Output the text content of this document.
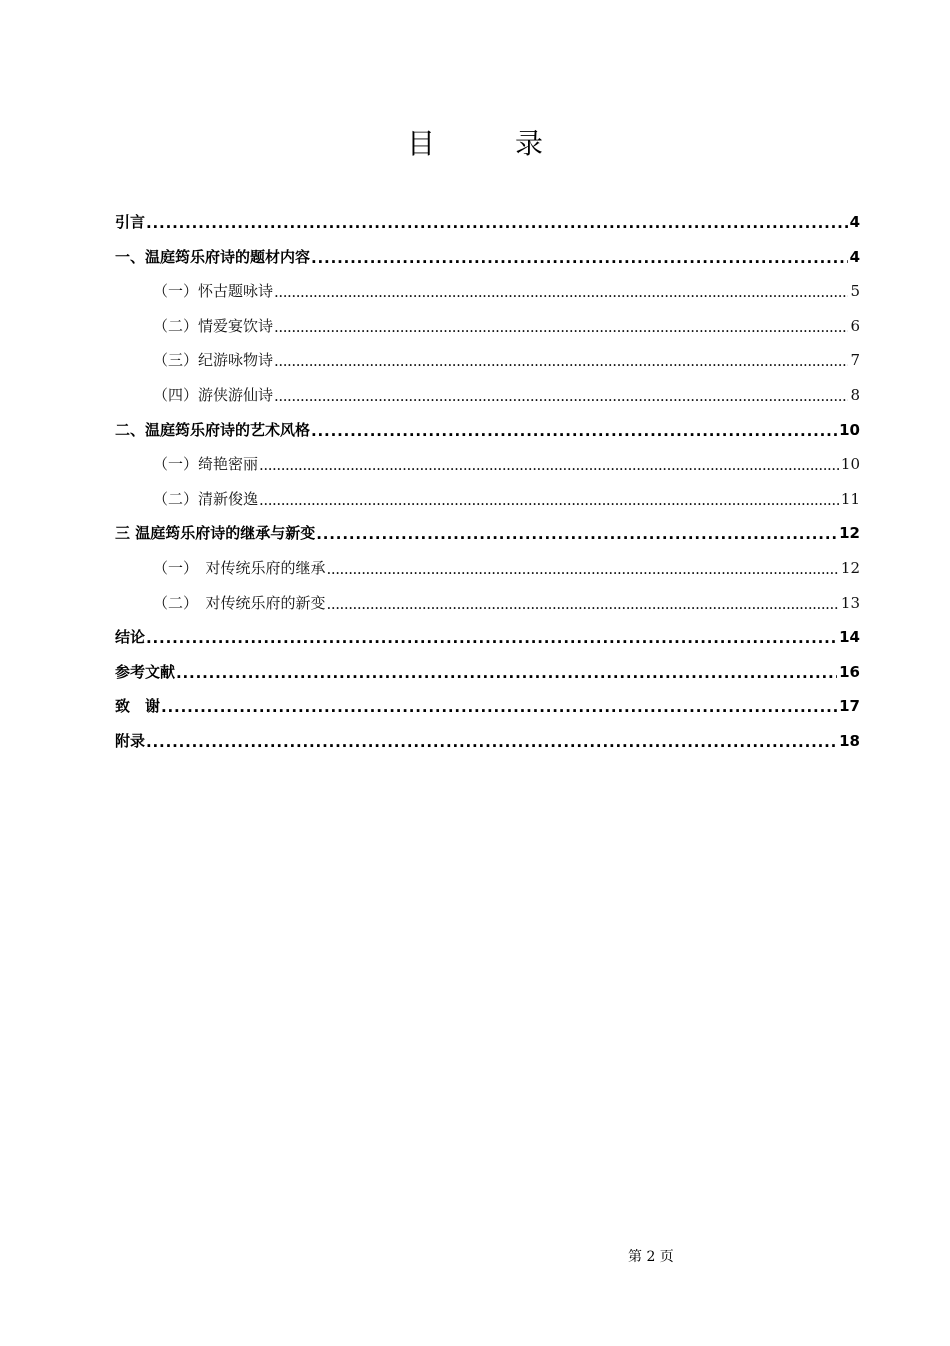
目　录
引言 . . .	4
一、温庭筠乐府诗的题材内容 . . .	4
（一）怀古题咏诗 . . .	5
（二）情爱宴饮诗 . . .	6
（三）纪游咏物诗 . . .	7
（四）游侠游仙诗 . . .	8
二、温庭筠乐府诗的艺术风格 . . .	10
（一）绮艳密丽 . . .	10
（二）清新俊逸 . . .	11
三 温庭筠乐府诗的继承与新变 . . .	12
（一）　对传统乐府的继承 . . .	12
（二）　对传统乐府的新变 . . .	13
结论 . . .	14
参考文献 . . .	16
致　谢 . . .	17
附录 . . .	18
第 2 页
